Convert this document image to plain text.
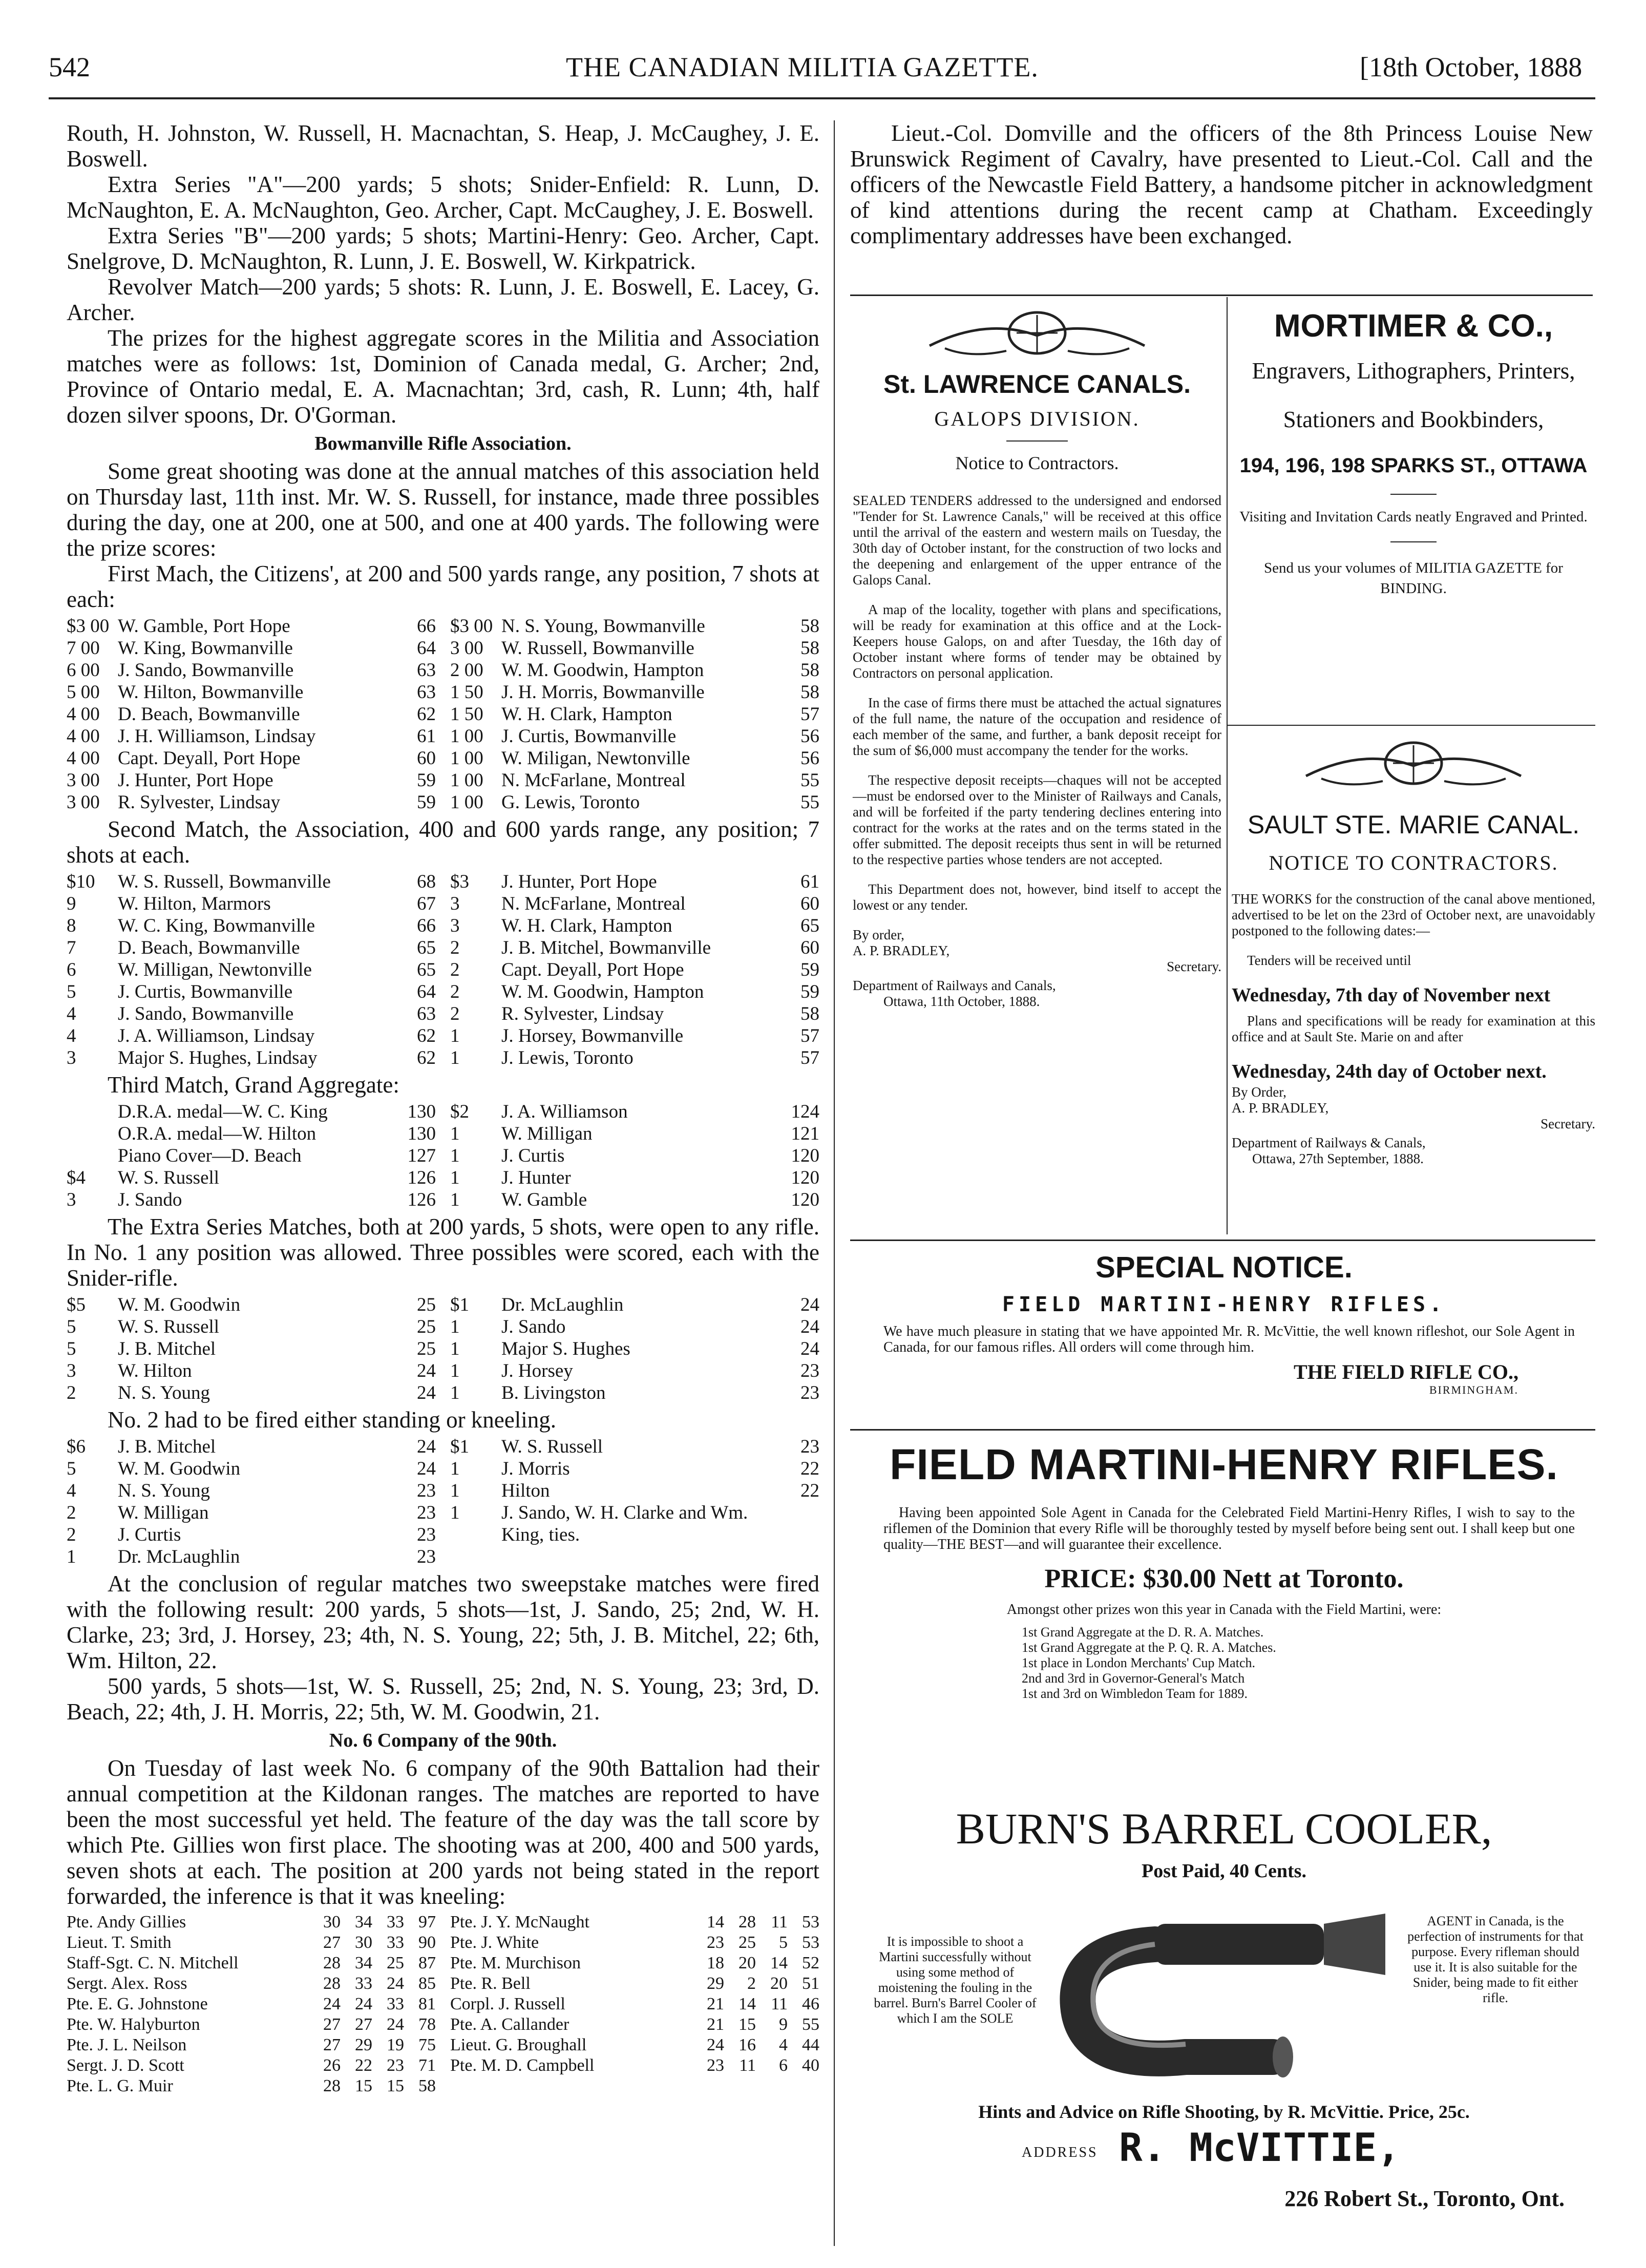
542	THE CANADIAN MILITIA GAZETTE.	[18th October, 1888

Routh, H. Johnston, W. Russell, H. Macnachtan, S. Heap, J. McCaughey, J. E. Boswell.

Extra Series "A"—200 yards; 5 shots; Snider-Enfield: R. Lunn, D. McNaughton, E. A. McNaughton, Geo. Archer, Capt. McCaughey, J. E. Boswell.

Extra Series "B"—200 yards; 5 shots; Martini-Henry: Geo. Archer, Capt. Snelgrove, D. McNaughton, R. Lunn, J. E. Boswell, W. Kirkpatrick.

Revolver Match—200 yards; 5 shots: R. Lunn, J. E. Boswell, E. Lacey, G. Archer.

The prizes for the highest aggregate scores in the Militia and Association matches were as follows: 1st, Dominion of Canada medal, G. Archer; 2nd, Province of Ontario medal, E. A. Macnachtan; 3rd, cash, R. Lunn; 4th, half dozen silver spoons, Dr. O'Gorman.

Bowmanville Rifle Association.

Some great shooting was done at the annual matches of this association held on Thursday last, 11th inst. Mr. W. S. Russell, for instance, made three possibles during the day, one at 200, one at 500, and one at 400 yards. The following were the prize scores:

First Mach, the Citizens', at 200 and 500 yards range, any position, 7 shots at each:

$3 00 W. Gamble, Port Hope	66 $3 00 N. S. Young, Bowmanville	58
7 00 W. King, Bowmanville	64 3 00 W. Russell, Bowmanville	58
6 00 J. Sando, Bowmanville	63 2 00 W. M. Goodwin, Hampton	58
5 00 W. Hilton, Bowmanville	63 1 50 J. H. Morris, Bowmanville	58
4 00 D. Beach, Bowmanville	62 1 50 W. H. Clark, Hampton	57
4 00 J. H. Williamson, Lindsay	61 1 00 J. Curtis, Bowmanville	56
4 00 Capt. Deyall, Port Hope	60 1 00 W. Miligan, Newtonville	56
3 00 J. Hunter, Port Hope	59 1 00 N. McFarlane, Montreal	55
3 00 R. Sylvester, Lindsay	59 1 00 G. Lewis, Toronto	55

Second Match, the Association, 400 and 600 yards range, any position; 7 shots at each.

$10	W. S. Russell, Bowmanville	68 $3	J. Hunter, Port Hope	61
9	W. Hilton, Marmors	67 3	N. McFarlane, Montreal	60
8	W. C. King, Bowmanville	66 3	W. H. Clark, Hampton	65
7	D. Beach, Bowmanville	65 2	J. B. Mitchel, Bowmanville	60
6	W. Milligan, Newtonville	65 2	Capt. Deyall, Port Hope	59
5	J. Curtis, Bowmanville	64 2	W. M. Goodwin, Hampton	59
4	J. Sando, Bowmanville	63 2	R. Sylvester, Lindsay	58
4	J. A. Williamson, Lindsay	62 1	J. Horsey, Bowmanville	57
3	Major S. Hughes, Lindsay	62 1	J. Lewis, Toronto	57

Third Match, Grand Aggregate:

D.R.A. medal—W. C. King	130 $2	J. A. Williamson	124
O.R.A. medal—W. Hilton	130 1	W. Milligan	121
Piano Cover—D. Beach	127 1	J. Curtis	120
$4	W. S. Russell	126 1	J. Hunter	120
3	J. Sando	126 1	W. Gamble	120

The Extra Series Matches, both at 200 yards, 5 shots, were open to any rifle. In No. 1 any position was allowed. Three possibles were scored, each with the Snider-rifle.

$5	W. M. Goodwin	25 $1	Dr. McLaughlin	24
5	W. S. Russell	25 1	J. Sando	24
5	J. B. Mitchel	25 1	Major S. Hughes	24
3	W. Hilton	24 1	J. Horsey	23
2	N. S. Young	24 1	B. Livingston	23

No. 2 had to be fired either standing or kneeling.

$6	J. B. Mitchel	24 $1	W. S. Russell	23
5	W. M. Goodwin	24 1	J. Morris	22
4	N. S. Young	23 1	Hilton	22
2	W. Milligan	23 1	J. Sando, W. H. Clarke and Wm.
2	J. Curtis	23	King, ties.
1	Dr. McLaughlin	23

At the conclusion of regular matches two sweepstake matches were fired with the following result: 200 yards, 5 shots—1st, J. Sando, 25; 2nd, W. H. Clarke, 23; 3rd, J. Horsey, 23; 4th, N. S. Young, 22; 5th, J. B. Mitchel, 22; 6th, Wm. Hilton, 22.

500 yards, 5 shots—1st, W. S. Russell, 25; 2nd, N. S. Young, 23; 3rd, D. Beach, 22; 4th, J. H. Morris, 22; 5th, W. M. Goodwin, 21.

No. 6 Company of the 90th.

On Tuesday of last week No. 6 company of the 90th Battalion had their annual competition at the Kildonan ranges. The matches are reported to have been the most successful yet held. The feature of the day was the tall score by which Pte. Gillies won first place. The shooting was at 200, 400 and 500 yards, seven shots at each. The position at 200 yards not being stated in the report forwarded, the inference is that it was kneeling:

Pte. Andy Gillies	30 34 33 97 Pte. J. Y. McNaught	14 28 11 53
Lieut. T. Smith	27 30 33 90 Pte. J. White	23 25	5 53
Staff-Sgt. C. N. Mitchell	28 34 25 87 Pte. M. Murchison	18 20 14 52
Sergt. Alex. Ross	28 33 24 85 Pte. R. Bell	29	2 20 51
Pte. E. G. Johnstone	24 24 33 81 Corpl. J. Russell	21 14 11 46
Pte. W. Halyburton	27 27 24 78 Pte. A. Callander	21 15	9 55
Pte. J. L. Neilson	27 29 19 75 Lieut. G. Broughall	24 16	4 44
Sergt. J. D. Scott	26 22 23 71 Pte. M. D. Campbell	23 11	6 40
Pte. L. G. Muir	28 15 15 58

Lieut.-Col. Domville and the officers of the 8th Princess Louise New Brunswick Regiment of Cavalry, have presented to Lieut.-Col. Call and the officers of the Newcastle Field Battery, a handsome pitcher in acknowledgment of kind attentions during the recent camp at Chatham. Exceedingly complimentary addresses have been exchanged.

St. LAWRENCE CANALS.
GALOPS DIVISION.
Notice to Contractors.

SEALED TENDERS addressed to the undersigned and endorsed "Tender for St. Lawrence Canals," will be received at this office until the arrival of the eastern and western mails on Tuesday, the 30th day of October instant, for the construction of two locks and the deepening and enlargement of the upper entrance of the Galops Canal.

A map of the locality, together with plans and specifications, will be ready for examination at this office and at the Lock-Keepers house Galops, on and after Tuesday, the 16th day of October instant where forms of tender may be obtained by Contractors on personal application.

In the case of firms there must be attached the actual signatures of the full name, the nature of the occupation and residence of each member of the same, and further, a bank deposit receipt for the sum of $6,000 must accompany the tender for the works.

The respective deposit receipts—chaques will not be accepted—must be endorsed over to the Minister of Railways and Canals, and will be forfeited if the party tendering declines entering into contract for the works at the rates and on the terms stated in the offer submitted. The deposit receipts thus sent in will be returned to the respective parties whose tenders are not accepted.

This Department does not, however, bind itself to accept the lowest or any tender.

By order,
A. P. BRADLEY,
Secretary.
Department of Railways and Canals,
Ottawa, 11th October, 1888.
MORTIMER & CO.,
Engravers, Lithographers, Printers,
Stationers and Bookbinders,
194, 196, 198 SPARKS ST., OTTAWA
Visiting and Invitation Cards neatly Engraved and Printed.
Send us your volumes of MILITIA GAZETTE for BINDING.
SAULT STE. MARIE CANAL.
NOTICE TO CONTRACTORS.

THE WORKS for the construction of the canal above mentioned, advertised to be let on the 23rd of October next, are unavoidably postponed to the following dates:—

Tenders will be received until

Wednesday, 7th day of November next

Plans and specifications will be ready for examination at this office and at Sault Ste. Marie on and after

Wednesday, 24th day of October next.
By Order,
A. P. BRADLEY,
Secretary.
Department of Railways & Canals,
Ottawa, 27th September, 1888.
SPECIAL NOTICE.
FIELD MARTINI-HENRY RIFLES.

We have much pleasure in stating that we have appointed Mr. R. McVittie, the well known rifleshot, our Sole Agent in Canada, for our famous rifles. All orders will come through him.

THE FIELD RIFLE CO.,
BIRMINGHAM.
FIELD MARTINI-HENRY RIFLES.

Having been appointed Sole Agent in Canada for the Celebrated Field Martini-Henry Rifles, I wish to say to the riflemen of the Dominion that every Rifle will be thoroughly tested by myself before being sent out. I shall keep but one quality—THE BEST—and will guarantee their excellence.

PRICE: $30.00 Nett at Toronto.
Amongst other prizes won this year in Canada with the Field Martini, were:
1st Grand Aggregate at the D. R. A. Matches.
1st Grand Aggregate at the P. Q. R. A. Matches.
1st place in London Merchants' Cup Match.
2nd and 3rd in Governor-General's Match
1st and 3rd on Wimbledon Team for 1889.
BURN'S BARREL COOLER,
Post Paid, 40 Cents.
It is impossible to shoot a Martini successfully without using some method of moistening the fouling in the barrel. Burn's Barrel Cooler of which I am the SOLE
AGENT in Canada, is the perfection of instruments for that purpose. Every rifleman should use it. It is also suitable for the Snider, being made to fit either rifle.
Hints and Advice on Rifle Shooting, by R. McVittie. Price, 25c.
ADDRESS R. McVITTIE,
226 Robert St., Toronto, Ont.
